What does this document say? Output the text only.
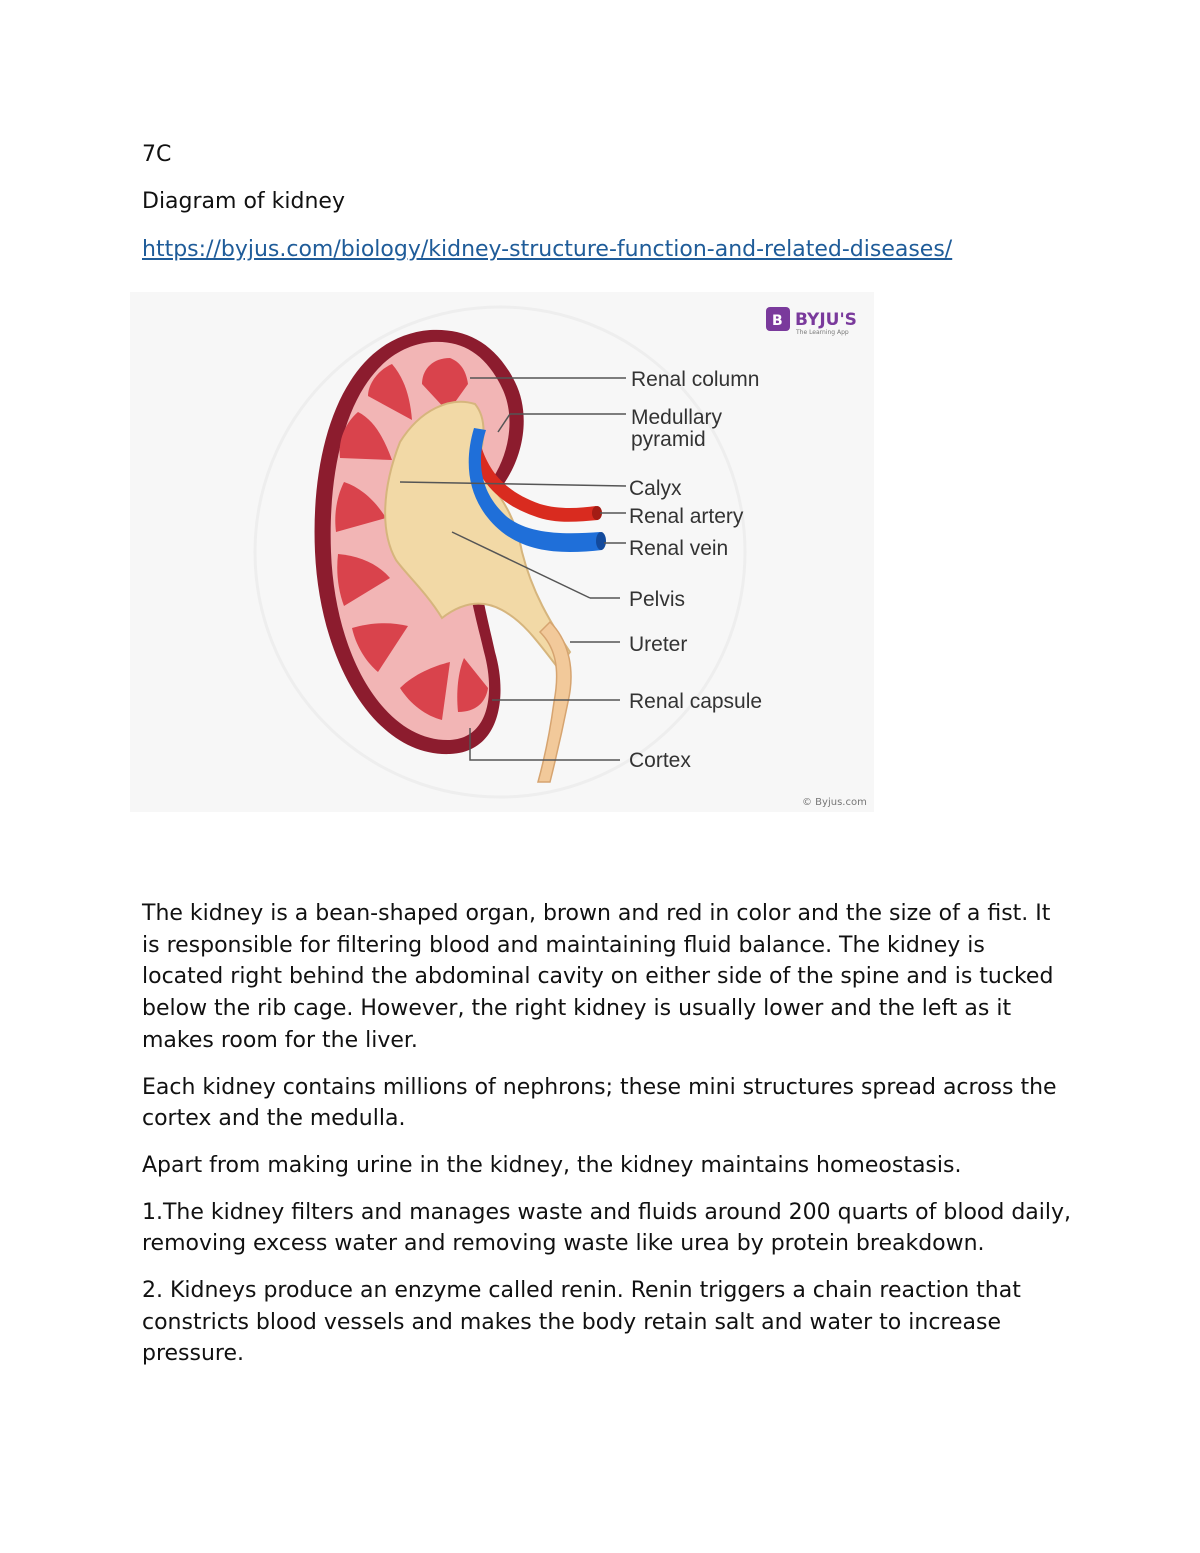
7C

Diagram of kidney

https://byjus.com/biology/kidney-structure-function-and-related-diseases/
B BYJU'S
The Learning App
Renal column
Medullary
pyramid
Calyx
Renal artery
Renal vein
Pelvis
Ureter
Renal capsule
Cortex
© Byjus.com

The kidney is a bean-shaped organ, brown and red in color and the size of a fist. It is responsible for filtering blood and maintaining fluid balance. The kidney is located right behind the abdominal cavity on either side of the spine and is tucked below the rib cage. However, the right kidney is usually lower and the left as it makes room for the liver.

Each kidney contains millions of nephrons; these mini structures spread across the cortex and the medulla.

Apart from making urine in the kidney, the kidney maintains homeostasis.

1.The kidney filters and manages waste and fluids around 200 quarts of blood daily, removing excess water and removing waste like urea by protein breakdown.

2. Kidneys produce an enzyme called renin. Renin triggers a chain reaction that constricts blood vessels and makes the body retain salt and water to increase pressure.
